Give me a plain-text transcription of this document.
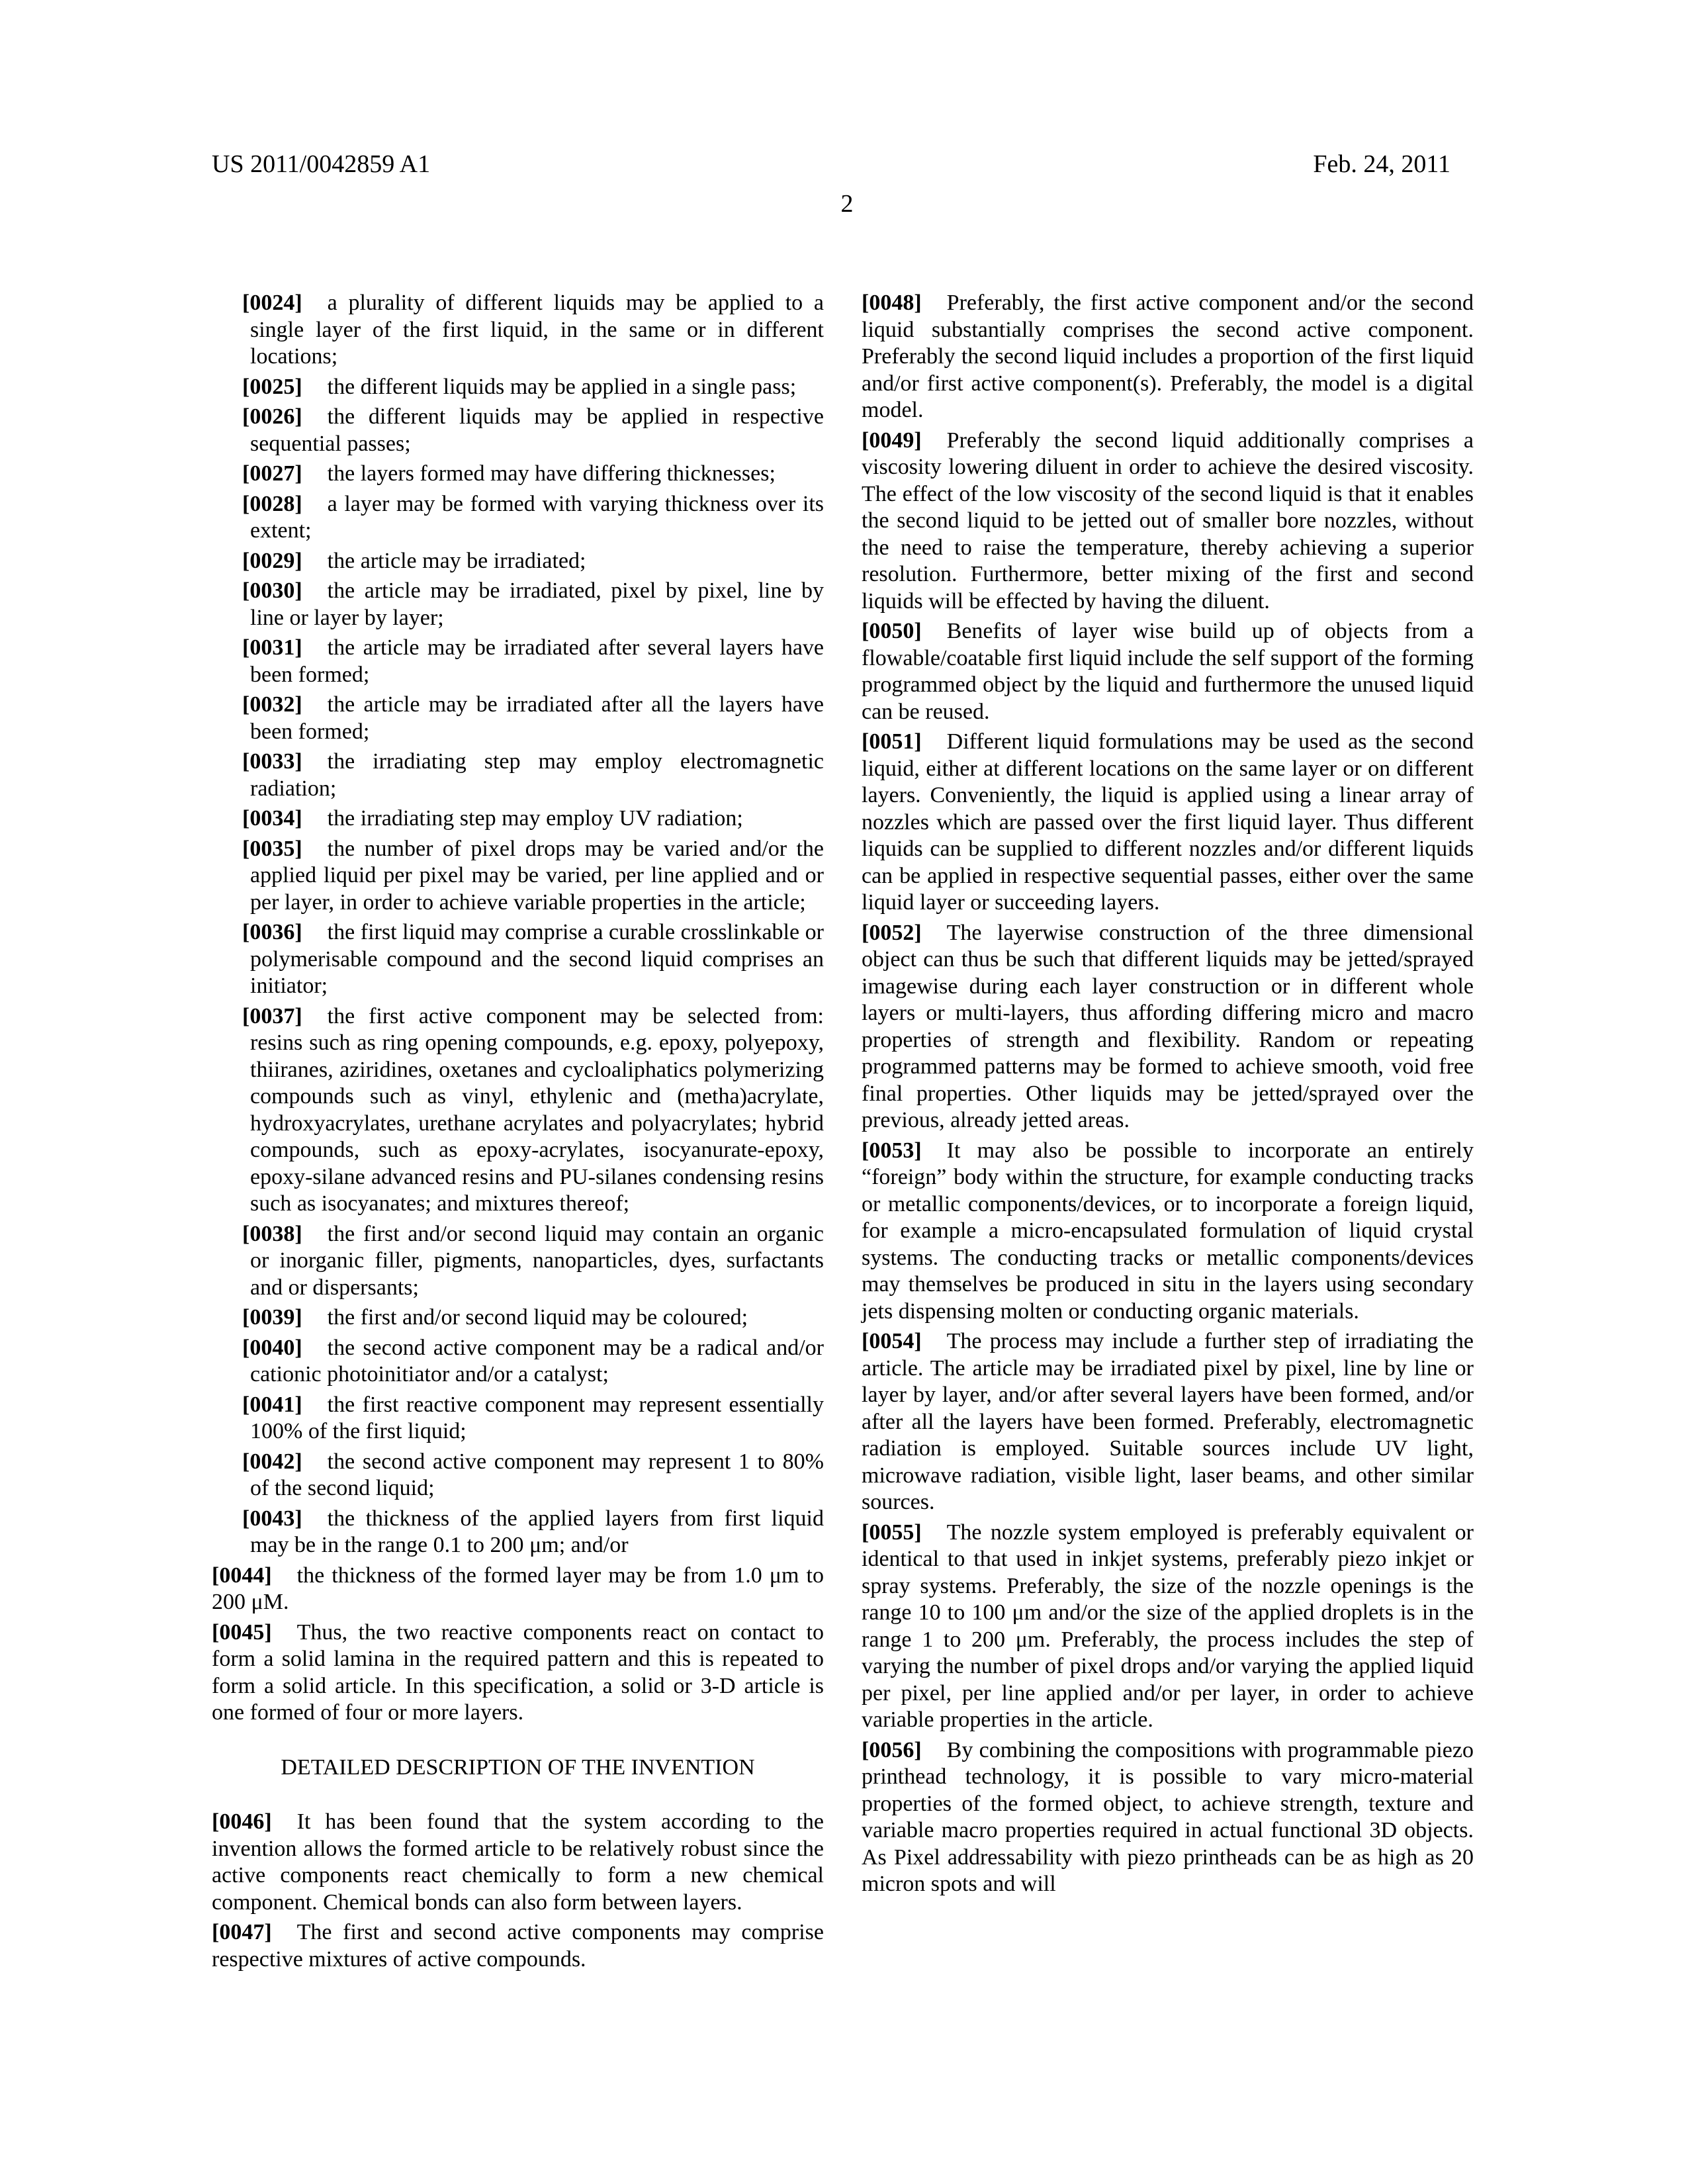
US 2011/0042859 A1	Feb. 24, 2011
2

[0024] a plurality of different liquids may be applied to a single layer of the first liquid, in the same or in different locations;

[0025] the different liquids may be applied in a single pass;

[0026] the different liquids may be applied in respective sequential passes;

[0027] the layers formed may have differing thicknesses;

[0028] a layer may be formed with varying thickness over its extent;

[0029] the article may be irradiated;

[0030] the article may be irradiated, pixel by pixel, line by line or layer by layer;

[0031] the article may be irradiated after several layers have been formed;

[0032] the article may be irradiated after all the layers have been formed;

[0033] the irradiating step may employ electromagnetic radiation;

[0034] the irradiating step may employ UV radiation;

[0035] the number of pixel drops may be varied and/or the applied liquid per pixel may be varied, per line applied and or per layer, in order to achieve variable properties in the article;

[0036] the first liquid may comprise a curable crosslinkable or polymerisable compound and the second liquid comprises an initiator;

[0037] the first active component may be selected from: resins such as ring opening compounds, e.g. epoxy, polyepoxy, thiiranes, aziridines, oxetanes and cycloaliphatics polymerizing compounds such as vinyl, ethylenic and (metha)acrylate, hydroxyacrylates, urethane acrylates and polyacrylates; hybrid compounds, such as epoxy-acrylates, isocyanurate-epoxy, epoxy-silane advanced resins and PU-silanes condensing resins such as isocyanates; and mixtures thereof;

[0038] the first and/or second liquid may contain an organic or inorganic filler, pigments, nanoparticles, dyes, surfactants and or dispersants;

[0039] the first and/or second liquid may be coloured;

[0040] the second active component may be a radical and/or cationic photoinitiator and/or a catalyst;

[0041] the first reactive component may represent essentially 100% of the first liquid;

[0042] the second active component may represent 1 to 80% of the second liquid;

[0043] the thickness of the applied layers from first liquid may be in the range 0.1 to 200 μm; and/or

[0044] the thickness of the formed layer may be from 1.0 μm to 200 μM.

[0045] Thus, the two reactive components react on contact to form a solid lamina in the required pattern and this is repeated to form a solid article. In this specification, a solid or 3-D article is one formed of four or more layers.

DETAILED DESCRIPTION OF THE INVENTION

[0046] It has been found that the system according to the invention allows the formed article to be relatively robust since the active components react chemically to form a new chemical component. Chemical bonds can also form between layers.

[0047] The first and second active components may comprise respective mixtures of active compounds.

[0048] Preferably, the first active component and/or the second liquid substantially comprises the second active component. Preferably the second liquid includes a proportion of the first liquid and/or first active component(s). Preferably, the model is a digital model.

[0049] Preferably the second liquid additionally comprises a viscosity lowering diluent in order to achieve the desired viscosity. The effect of the low viscosity of the second liquid is that it enables the second liquid to be jetted out of smaller bore nozzles, without the need to raise the temperature, thereby achieving a superior resolution. Furthermore, better mixing of the first and second liquids will be effected by having the diluent.

[0050] Benefits of layer wise build up of objects from a flowable/coatable first liquid include the self support of the forming programmed object by the liquid and furthermore the unused liquid can be reused.

[0051] Different liquid formulations may be used as the second liquid, either at different locations on the same layer or on different layers. Conveniently, the liquid is applied using a linear array of nozzles which are passed over the first liquid layer. Thus different liquids can be supplied to different nozzles and/or different liquids can be applied in respective sequential passes, either over the same liquid layer or succeeding layers.

[0052] The layerwise construction of the three dimensional object can thus be such that different liquids may be jetted/sprayed imagewise during each layer construction or in different whole layers or multi-layers, thus affording differing micro and macro properties of strength and flexibility. Random or repeating programmed patterns may be formed to achieve smooth, void free final properties. Other liquids may be jetted/sprayed over the previous, already jetted areas.

[0053] It may also be possible to incorporate an entirely “foreign” body within the structure, for example conducting tracks or metallic components/devices, or to incorporate a foreign liquid, for example a micro-encapsulated formulation of liquid crystal systems. The conducting tracks or metallic components/devices may themselves be produced in situ in the layers using secondary jets dispensing molten or conducting organic materials.

[0054] The process may include a further step of irradiating the article. The article may be irradiated pixel by pixel, line by line or layer by layer, and/or after several layers have been formed, and/or after all the layers have been formed. Preferably, electromagnetic radiation is employed. Suitable sources include UV light, microwave radiation, visible light, laser beams, and other similar sources.

[0055] The nozzle system employed is preferably equivalent or identical to that used in inkjet systems, preferably piezo inkjet or spray systems. Preferably, the size of the nozzle openings is the range 10 to 100 μm and/or the size of the applied droplets is in the range 1 to 200 μm. Preferably, the process includes the step of varying the number of pixel drops and/or varying the applied liquid per pixel, per line applied and/or per layer, in order to achieve variable properties in the article.

[0056] By combining the compositions with programmable piezo printhead technology, it is possible to vary micro-material properties of the formed object, to achieve strength, texture and variable macro properties required in actual functional 3D objects. As Pixel addressability with piezo printheads can be as high as 20 micron spots and will
